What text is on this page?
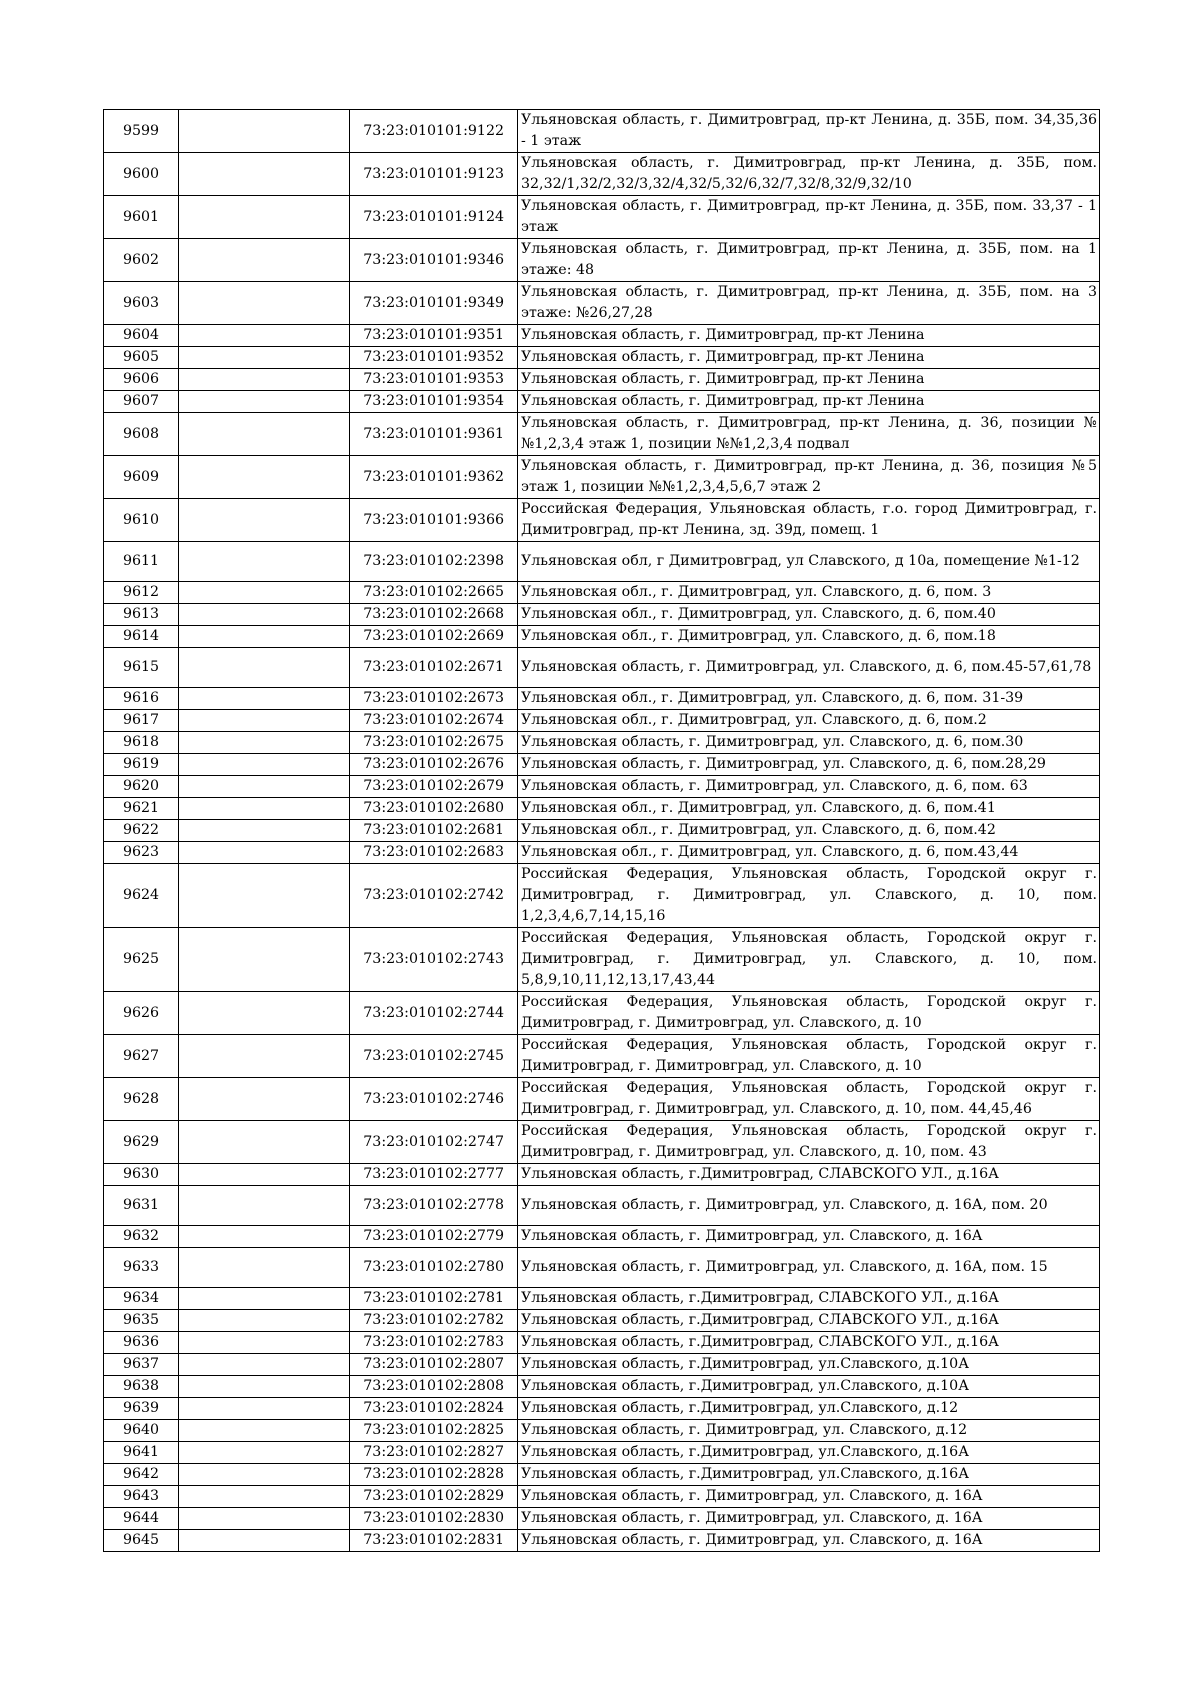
9599		73:23:010101:9122	Ульяновская область, г. Димитровград, пр-кт Ленина, д. 35Б, пом. 34,35,36 - 1 этаж
9600		73:23:010101:9123	Ульяновская область, г. Димитровград, пр-кт Ленина, д. 35Б, пом. 32,32/1,32/2,32/3,32/4,32/5,32/6,32/7,32/8,32/9,32/10
9601		73:23:010101:9124	Ульяновская область, г. Димитровград, пр-кт Ленина, д. 35Б, пом. 33,37 - 1 этаж
9602		73:23:010101:9346	Ульяновская область, г. Димитровград, пр-кт Ленина, д. 35Б, пом. на 1 этаже: 48
9603		73:23:010101:9349	Ульяновская область, г. Димитровград, пр-кт Ленина, д. 35Б, пом. на 3 этаже: №26,27,28
9604		73:23:010101:9351	Ульяновская область, г. Димитровград, пр-кт Ленина
9605		73:23:010101:9352	Ульяновская область, г. Димитровград, пр-кт Ленина
9606		73:23:010101:9353	Ульяновская область, г. Димитровград, пр-кт Ленина
9607		73:23:010101:9354	Ульяновская область, г. Димитровград, пр-кт Ленина
9608		73:23:010101:9361	Ульяновская область, г. Димитровград, пр-кт Ленина, д. 36, позиции №№1,2,3,4 этаж 1, позиции №№1,2,3,4 подвал
9609		73:23:010101:9362	Ульяновская область, г. Димитровград, пр-кт Ленина, д. 36, позиция №5 этаж 1, позиции №№1,2,3,4,5,6,7 этаж 2
9610		73:23:010101:9366	Российская Федерация, Ульяновская область, г.о. город Димитровград, г. Димитровград, пр-кт Ленина, зд. 39д, помещ. 1
9611		73:23:010102:2398	Ульяновская обл, г Димитровград, ул Славского, д 10а, помещение №1-12
9612		73:23:010102:2665	Ульяновская обл., г. Димитровград, ул. Славского, д. 6, пом. 3
9613		73:23:010102:2668	Ульяновская обл., г. Димитровград, ул. Славского, д. 6, пом.40
9614		73:23:010102:2669	Ульяновская обл., г. Димитровград, ул. Славского, д. 6, пом.18
9615		73:23:010102:2671	Ульяновская область, г. Димитровград, ул. Славского, д. 6, пом.45-57,61,78
9616		73:23:010102:2673	Ульяновская обл., г. Димитровград, ул. Славского, д. 6, пом. 31-39
9617		73:23:010102:2674	Ульяновская обл., г. Димитровград, ул. Славского, д. 6, пом.2
9618		73:23:010102:2675	Ульяновская область, г. Димитровград, ул. Славского, д. 6, пом.30
9619		73:23:010102:2676	Ульяновская область, г. Димитровград, ул. Славского, д. 6, пом.28,29
9620		73:23:010102:2679	Ульяновская область, г. Димитровград, ул. Славского, д. 6, пом. 63
9621		73:23:010102:2680	Ульяновская обл., г. Димитровград, ул. Славского, д. 6, пом.41
9622		73:23:010102:2681	Ульяновская обл., г. Димитровград, ул. Славского, д. 6, пом.42
9623		73:23:010102:2683	Ульяновская обл., г. Димитровград, ул. Славского, д. 6, пом.43,44
9624		73:23:010102:2742	Российская Федерация, Ульяновская область, Городской округ г. Димитровград, г. Димитровград, ул. Славского, д. 10, пом. 1,2,3,4,6,7,14,15,16
9625		73:23:010102:2743	Российская Федерация, Ульяновская область, Городской округ г. Димитровград, г. Димитровград, ул. Славского, д. 10, пом. 5,8,9,10,11,12,13,17,43,44
9626		73:23:010102:2744	Российская Федерация, Ульяновская область, Городской округ г. Димитровград, г. Димитровград, ул. Славского, д. 10
9627		73:23:010102:2745	Российская Федерация, Ульяновская область, Городской округ г. Димитровград, г. Димитровград, ул. Славского, д. 10
9628		73:23:010102:2746	Российская Федерация, Ульяновская область, Городской округ г. Димитровград, г. Димитровград, ул. Славского, д. 10, пом. 44,45,46
9629		73:23:010102:2747	Российская Федерация, Ульяновская область, Городской округ г. Димитровград, г. Димитровград, ул. Славского, д. 10, пом. 43
9630		73:23:010102:2777	Ульяновская область, г.Димитровград, СЛАВСКОГО УЛ., д.16А
9631		73:23:010102:2778	Ульяновская область, г. Димитровград, ул. Славского, д. 16А, пом. 20
9632		73:23:010102:2779	Ульяновская область, г. Димитровград, ул. Славского, д. 16А
9633		73:23:010102:2780	Ульяновская область, г. Димитровград, ул. Славского, д. 16А, пом. 15
9634		73:23:010102:2781	Ульяновская область, г.Димитровград, СЛАВСКОГО УЛ., д.16А
9635		73:23:010102:2782	Ульяновская область, г.Димитровград, СЛАВСКОГО УЛ., д.16А
9636		73:23:010102:2783	Ульяновская область, г.Димитровград, СЛАВСКОГО УЛ., д.16А
9637		73:23:010102:2807	Ульяновская область, г.Димитровград, ул.Славского, д.10А
9638		73:23:010102:2808	Ульяновская область, г.Димитровград, ул.Славского, д.10А
9639		73:23:010102:2824	Ульяновская область, г.Димитровград, ул.Славского, д.12
9640		73:23:010102:2825	Ульяновская область, г. Димитровград, ул. Славского, д.12
9641		73:23:010102:2827	Ульяновская область, г.Димитровград, ул.Славского, д.16А
9642		73:23:010102:2828	Ульяновская область, г.Димитровград, ул.Славского, д.16А
9643		73:23:010102:2829	Ульяновская область, г. Димитровград, ул. Славского, д. 16А
9644		73:23:010102:2830	Ульяновская область, г. Димитровград, ул. Славского, д. 16А
9645		73:23:010102:2831	Ульяновская область, г. Димитровград, ул. Славского, д. 16А
